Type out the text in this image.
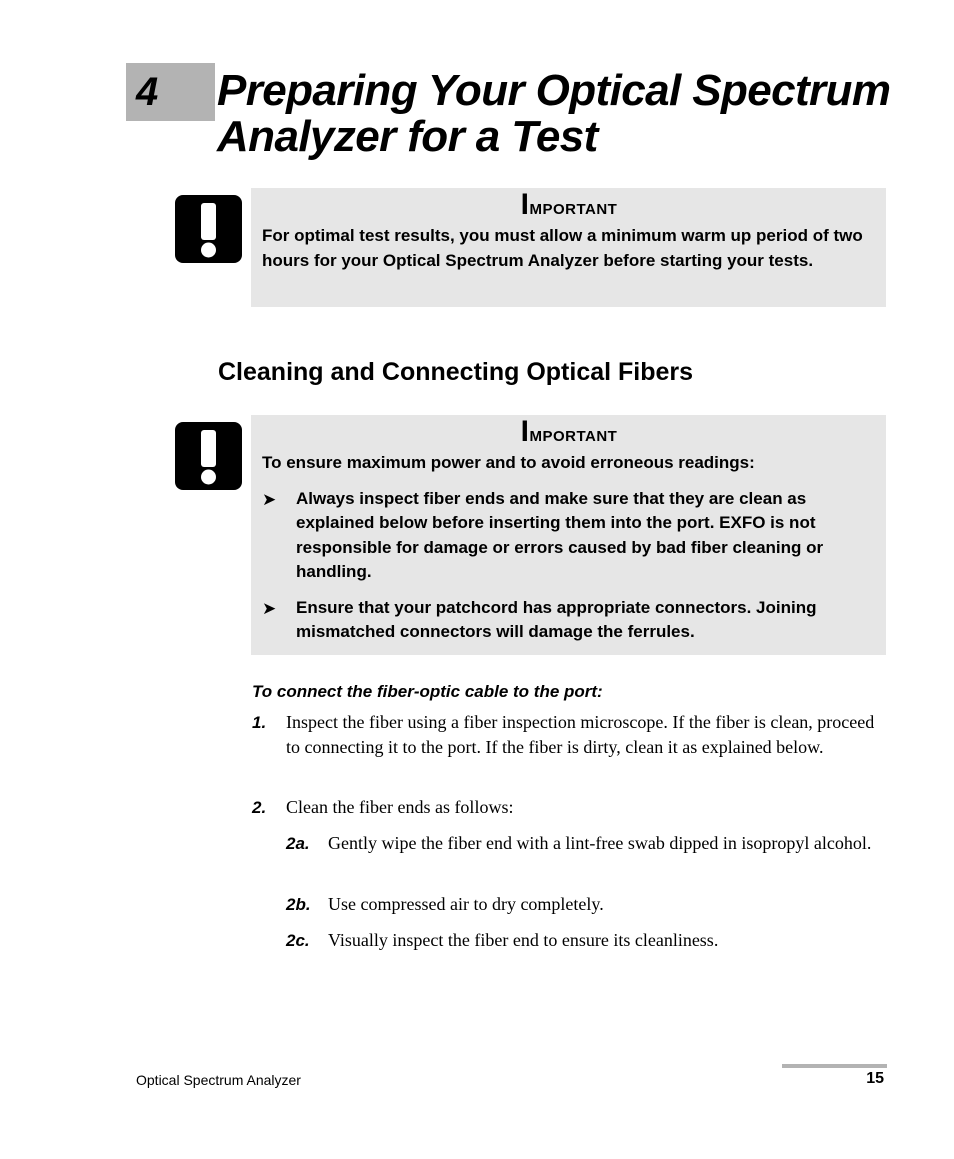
4 Preparing Your Optical Spectrum Analyzer for a Test
Important
For optimal test results, you must allow a minimum warm up period of two hours for your Optical Spectrum Analyzer before starting your tests.
Cleaning and Connecting Optical Fibers
Important
To ensure maximum power and to avoid erroneous readings:
➤ Always inspect fiber ends and make sure that they are clean as explained below before inserting them into the port. EXFO is not responsible for damage or errors caused by bad fiber cleaning or handling.
➤ Ensure that your patchcord has appropriate connectors. Joining mismatched connectors will damage the ferrules.
To connect the fiber-optic cable to the port:
1. Inspect the fiber using a fiber inspection microscope. If the fiber is clean, proceed to connecting it to the port. If the fiber is dirty, clean it as explained below.
2. Clean the fiber ends as follows:
2a. Gently wipe the fiber end with a lint-free swab dipped in isopropyl alcohol.
2b. Use compressed air to dry completely.
2c. Visually inspect the fiber end to ensure its cleanliness.
Optical Spectrum Analyzer	15
